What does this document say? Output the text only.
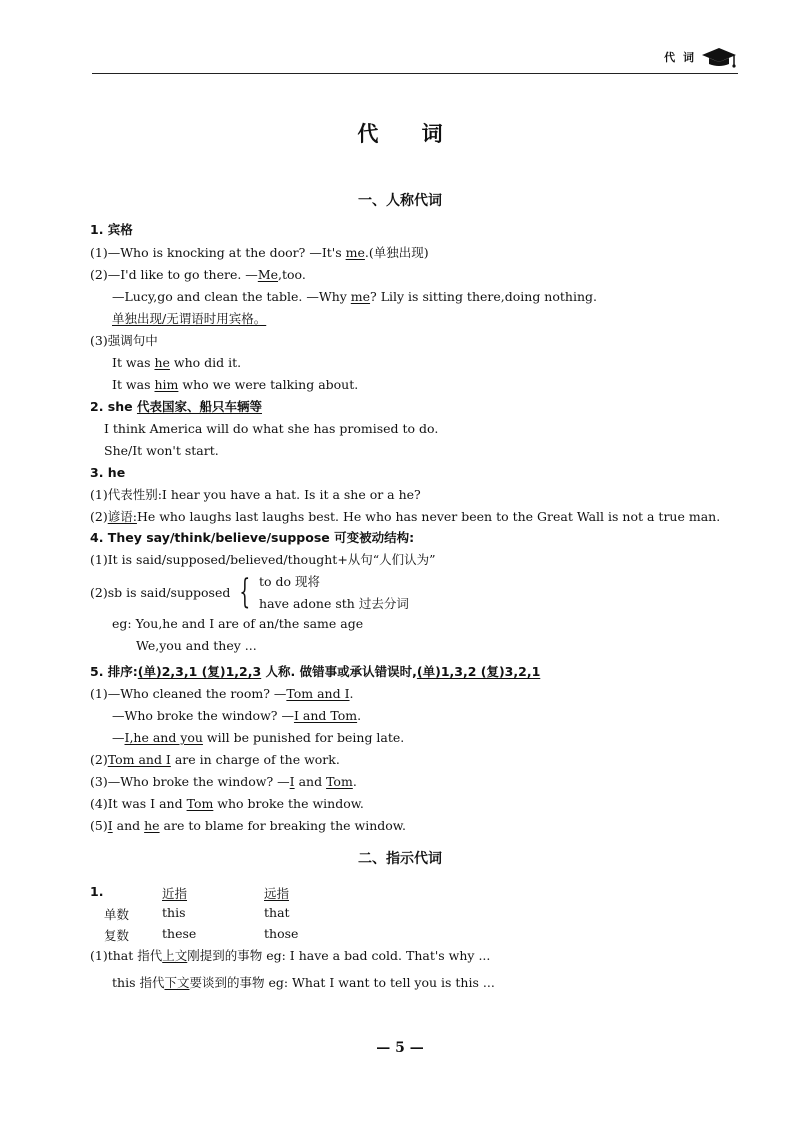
代 词
代 词
一、人称代词
1. 宾格
(1)—Who is knocking at the door? —It's me.(单独出现)
(2)—I'd like to go there. —Me,too.
—Lucy,go and clean the table. —Why me? Lily is sitting there,doing nothing.
单独出现/无谓语时用宾格。
(3)强调句中
It was he who did it.
It was him who we were talking about.
2. she 代表国家、船只车辆等
I think America will do what she has promised to do.
She/It won't start.
3. he
(1)代表性别:I hear you have a hat. Is it a she or a he?
(2)谚语:He who laughs last laughs best. He who has never been to the Great Wall is not a true man.
4. They say/think/believe/suppose 可变被动结构:
(1)It is said/supposed/believed/thought+从句“人们认为”
(2)sb is said/supposed { to do 现将
have adone sth 过去分词
eg: You,he and I are of an/the same age
We,you and they ...
5. 排序:(单)2,3,1 (复)1,2,3 人称. 做错事或承认错误时,(单)1,3,2 (复)3,2,1
(1)—Who cleaned the room? —Tom and I.
—Who broke the window? —I and Tom.
—I,he and you will be punished for being late.
(2)Tom and I are in charge of the work.
(3)—Who broke the window? —I and Tom.
(4)It was I and Tom who broke the window.
(5)I and he are to blame for breaking the window.
二、指示代词
1.	近指	远指
单数	this	that
复数	these	those
(1)that 指代上文刚提到的事物 eg: I have a bad cold. That's why ...
this 指代下文要谈到的事物 eg: What I want to tell you is this ...
— 5 —
